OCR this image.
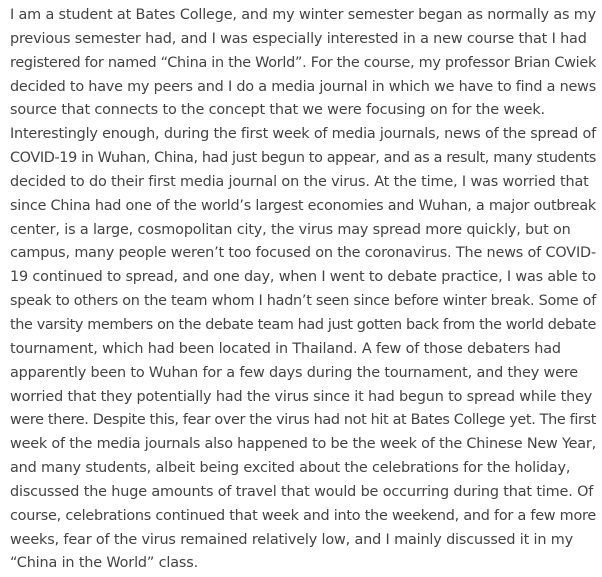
I am a student at Bates College, and my winter semester began as normally as my
previous semester had, and I was especially interested in a new course that I had
registered for named “China in the World”. For the course, my professor Brian Cwiek
decided to have my peers and I do a media journal in which we have to find a news
source that connects to the concept that we were focusing on for the week.
Interestingly enough, during the first week of media journals, news of the spread of
COVID-19 in Wuhan, China, had just begun to appear, and as a result, many students
decided to do their first media journal on the virus. At the time, I was worried that
since China had one of the world’s largest economies and Wuhan, a major outbreak
center, is a large, cosmopolitan city, the virus may spread more quickly, but on
campus, many people weren’t too focused on the coronavirus. The news of COVID-
19 continued to spread, and one day, when I went to debate practice, I was able to
speak to others on the team whom I hadn’t seen since before winter break. Some of
the varsity members on the debate team had just gotten back from the world debate
tournament, which had been located in Thailand. A few of those debaters had
apparently been to Wuhan for a few days during the tournament, and they were
worried that they potentially had the virus since it had begun to spread while they
were there. Despite this, fear over the virus had not hit at Bates College yet. The first
week of the media journals also happened to be the week of the Chinese New Year,
and many students, albeit being excited about the celebrations for the holiday,
discussed the huge amounts of travel that would be occurring during that time. Of
course, celebrations continued that week and into the weekend, and for a few more
weeks, fear of the virus remained relatively low, and I mainly discussed it in my
“China in the World” class.
